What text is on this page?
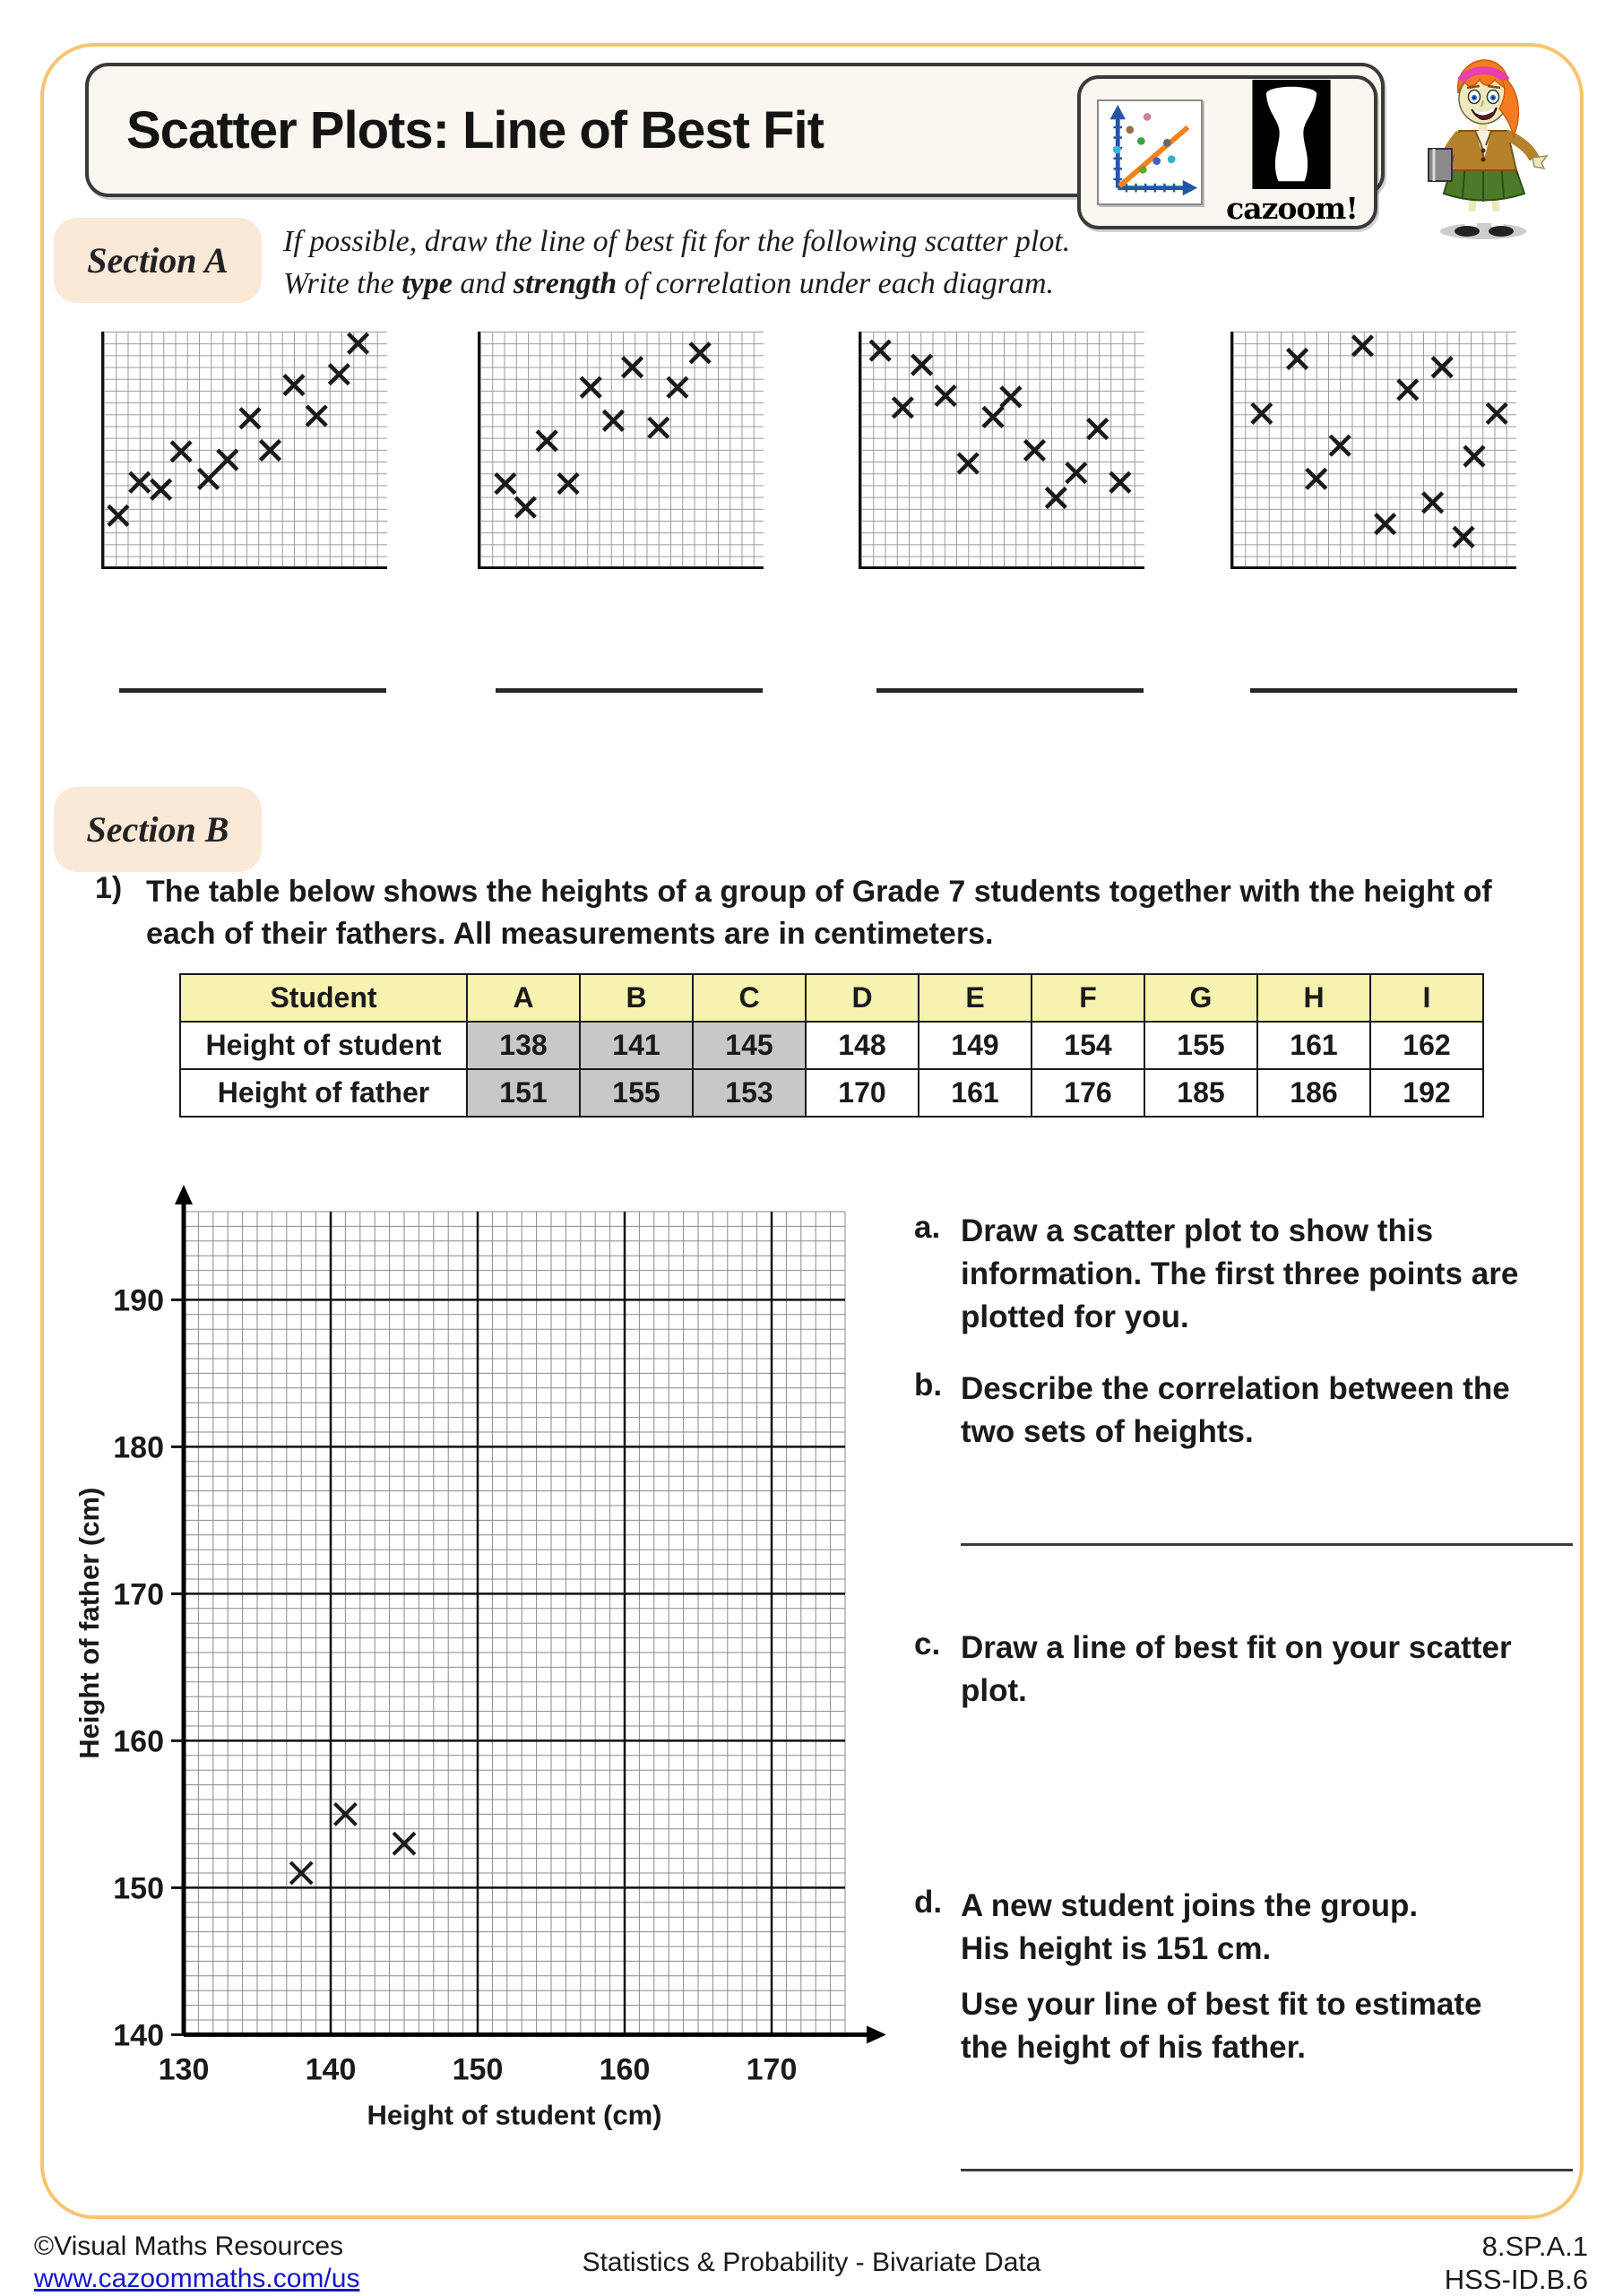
Scatter Plots: Line of Best Fit
cazoom!
Section A If possible, draw the line of best fit for the following scatter plot.
Write the type and strength of correlation under each diagram.
Section B
1) The table below shows the heights of a group of Grade 7 students together with the height of
each of their fathers. All measurements are in centimeters.
Student	A	B	C	D	E	F	G	H	I
Height of student	138	141	145	148	149	154	155	161	162
Height of father	151	155	153	170	161	176	185	186	192
140
150
160
170
180
190
130	140	150	160	170
Height of student (cm)
Height of father (cm)
a. Draw a scatter plot to show this
information. The first three points are
plotted for you.
b. Describe the correlation between the
two sets of heights.
c. Draw a line of best fit on your scatter
plot.
d. A new student joins the group.
His height is 151 cm.
Use your line of best fit to estimate
the height of his father.
©Visual Maths Resources
www.cazoommaths.com/us
Statistics & Probability - Bivariate Data
8.SP.A.1
HSS-ID.B.6
